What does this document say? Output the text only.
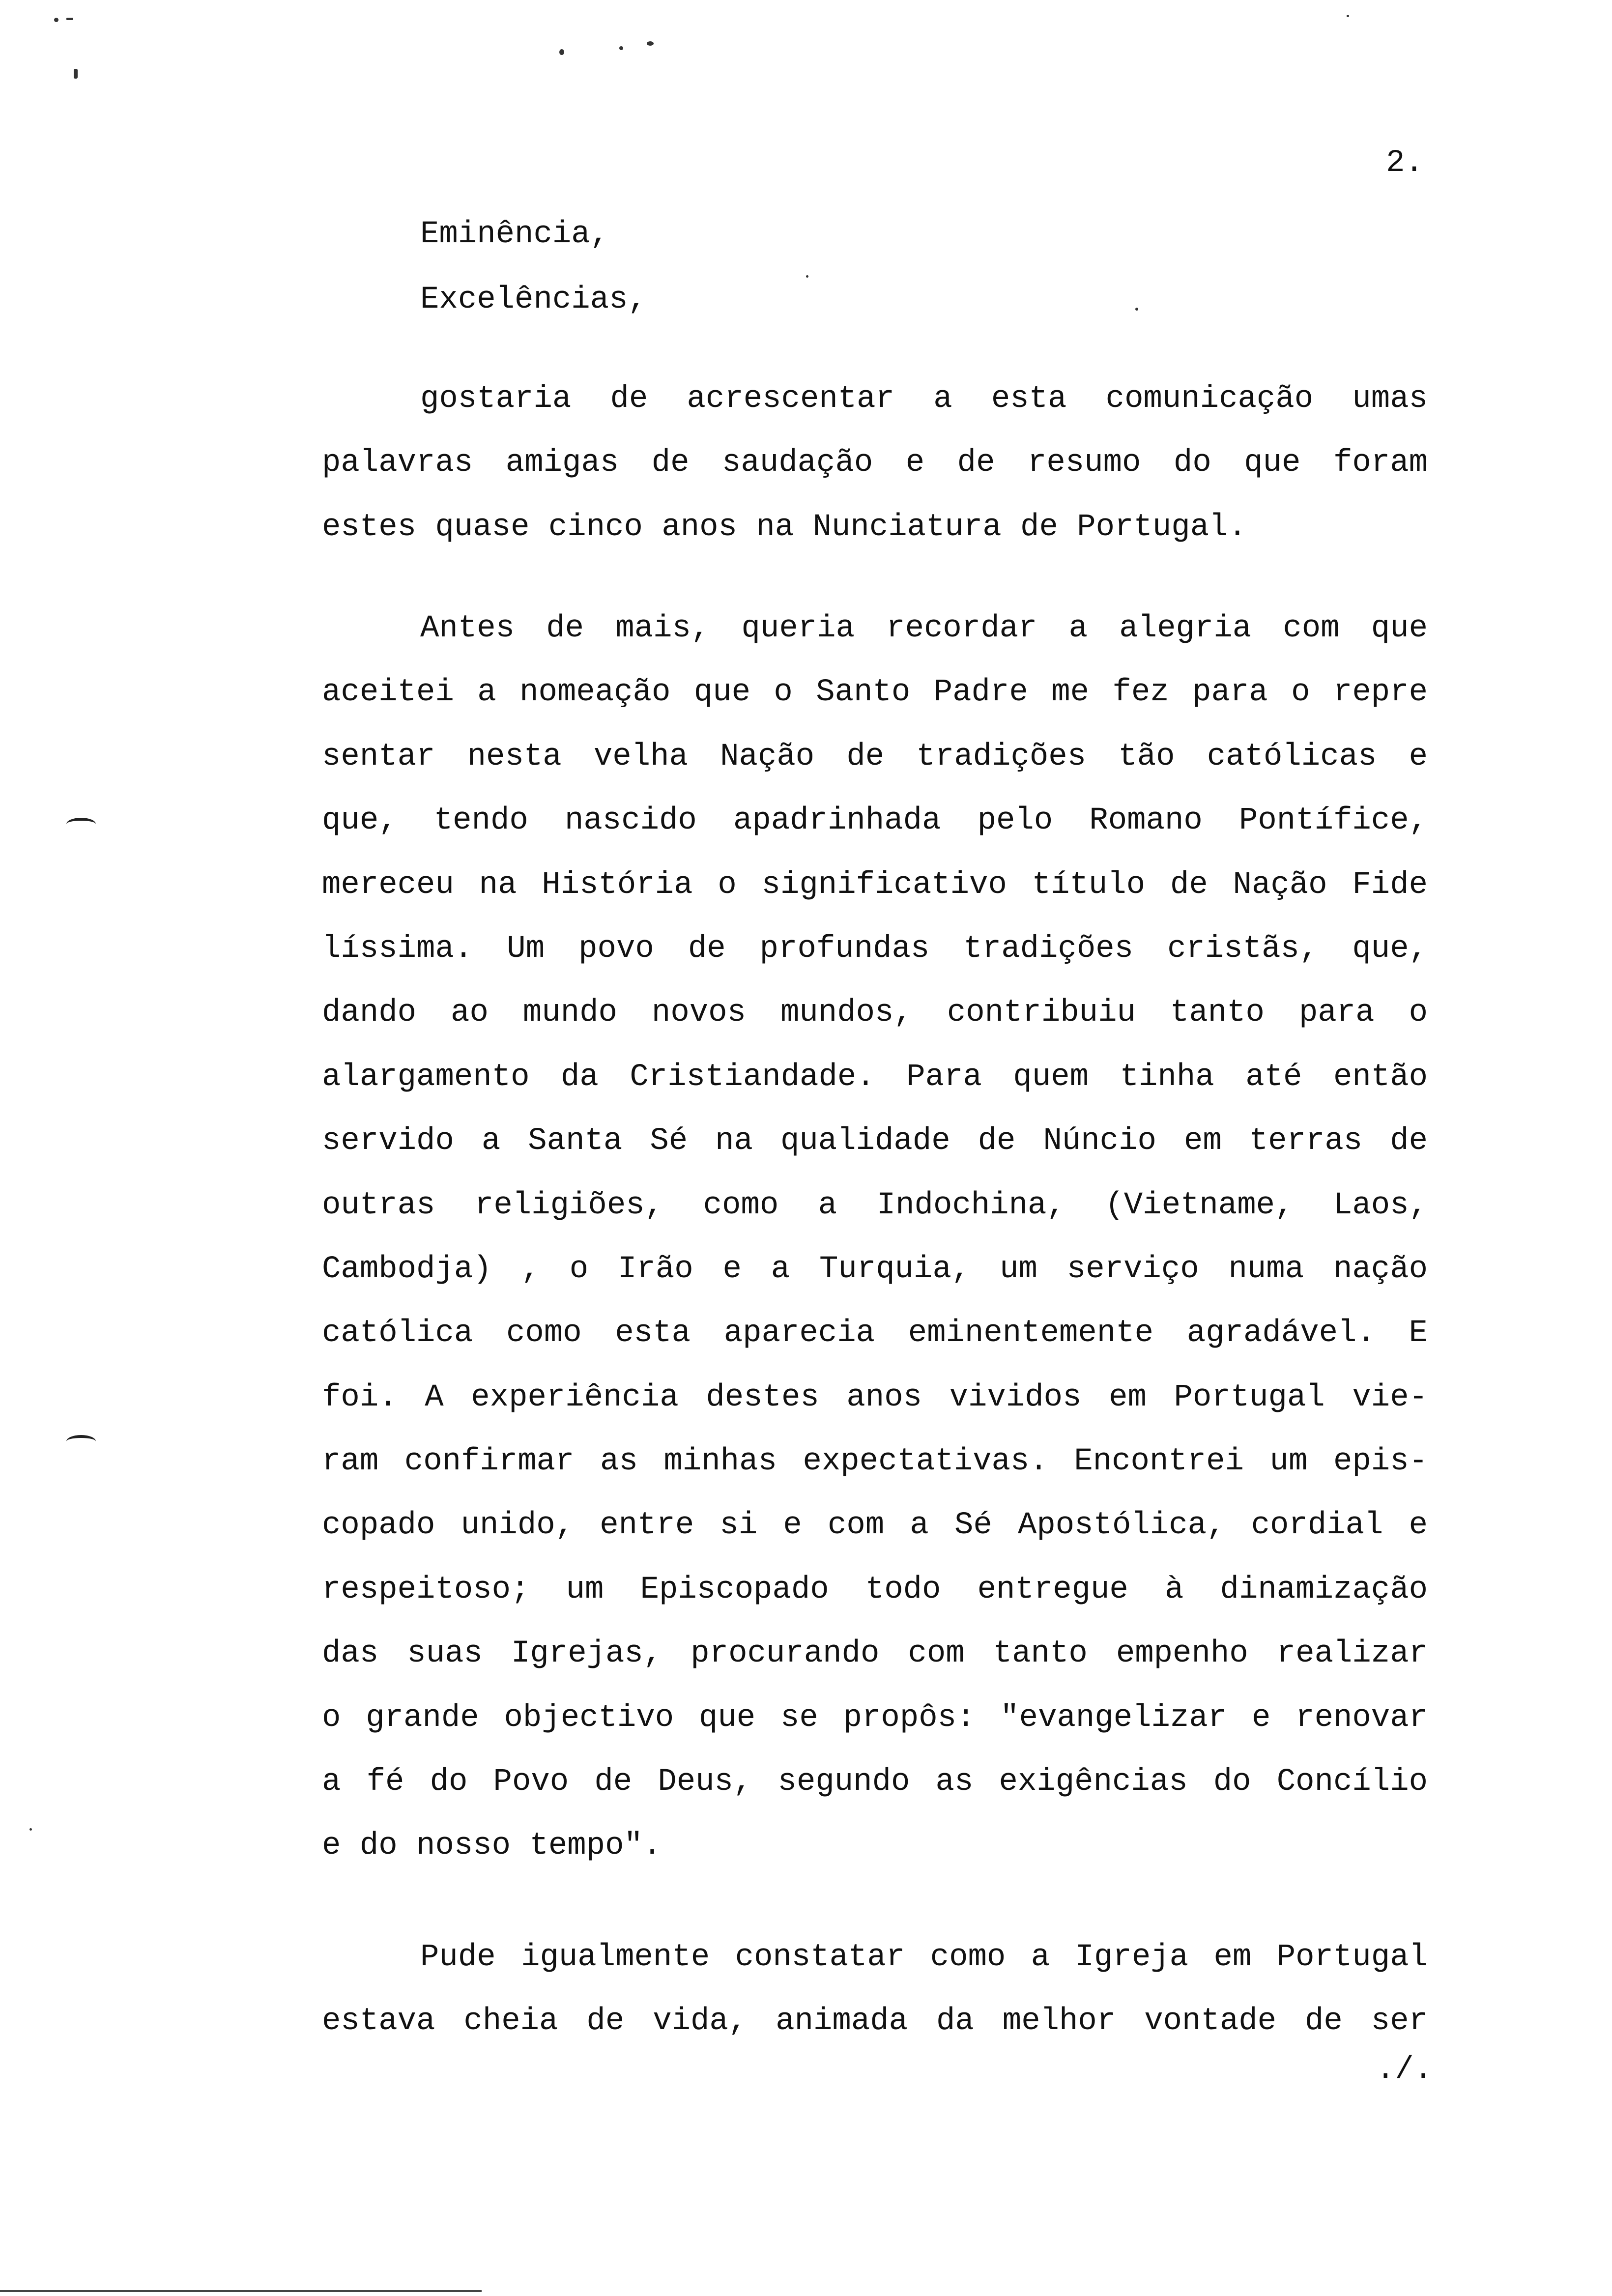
2.
Eminência,
Excelências,
gostaria de acrescentar a esta comunicação umas
palavras amigas de saudação e de resumo do que foram
estes quase cinco anos na Nunciatura de Portugal.
Antes de mais, queria recordar a alegria com que
aceitei a nomeação que o Santo Padre me fez para o repre
sentar nesta velha Nação de tradições tão católicas e
que, tendo nascido apadrinhada pelo Romano Pontífice,
mereceu na História o significativo título de Nação Fide
líssima. Um povo de profundas tradições cristãs, que,
dando ao mundo novos mundos, contribuiu tanto para o
alargamento da Cristiandade. Para quem tinha até então
servido a Santa Sé na qualidade de Núncio em terras de
outras religiões, como a Indochina, (Vietname, Laos,
Cambodja) , o Irão e a Turquia, um serviço numa nação
católica como esta aparecia eminentemente agradável. E
foi. A experiência destes anos vividos em Portugal vie-
ram confirmar as minhas expectativas. Encontrei um epis-
copado unido, entre si e com a Sé Apostólica, cordial e
respeitoso; um Episcopado todo entregue à dinamização
das suas Igrejas, procurando com tanto empenho realizar
o grande objectivo que se propôs: "evangelizar e renovar
a fé do Povo de Deus, segundo as exigências do Concílio
e do nosso tempo".
Pude igualmente constatar como a Igreja em Portugal
estava cheia de vida, animada da melhor vontade de ser
./.
